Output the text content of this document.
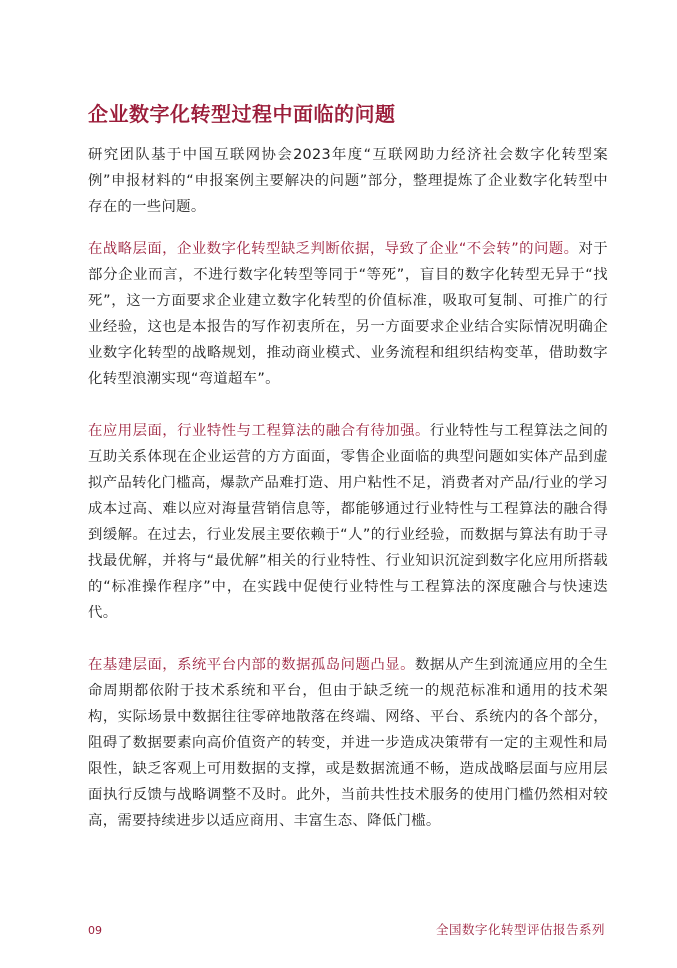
企业数字化转型过程中面临的问题

研究团队基于中国互联网协会2023年度“互联网助力经济社会数字化转型案例”申报材料的“申报案例主要解决的问题”部分，整理提炼了企业数字化转型中存在的一些问题。

在战略层面，企业数字化转型缺乏判断依据，导致了企业“不会转”的问题。对于部分企业而言，不进行数字化转型等同于“等死”，盲目的数字化转型无异于“找死”，这一方面要求企业建立数字化转型的价值标准，吸取可复制、可推广的行业经验，这也是本报告的写作初衷所在，另一方面要求企业结合实际情况明确企业数字化转型的战略规划，推动商业模式、业务流程和组织结构变革，借助数字化转型浪潮实现“弯道超车”。

在应用层面，行业特性与工程算法的融合有待加强。行业特性与工程算法之间的互助关系体现在企业运营的方方面面，零售企业面临的典型问题如实体产品到虚拟产品转化门槛高，爆款产品难打造、用户粘性不足，消费者对产品/行业的学习成本过高、难以应对海量营销信息等，都能够通过行业特性与工程算法的融合得到缓解。在过去，行业发展主要依赖于“人”的行业经验，而数据与算法有助于寻找最优解，并将与“最优解”相关的行业特性、行业知识沉淀到数字化应用所搭载的“标准操作程序”中，在实践中促使行业特性与工程算法的深度融合与快速迭代。

在基建层面，系统平台内部的数据孤岛问题凸显。数据从产生到流通应用的全生命周期都依附于技术系统和平台，但由于缺乏统一的规范标准和通用的技术架构，实际场景中数据往往零碎地散落在终端、网络、平台、系统内的各个部分，阻碍了数据要素向高价值资产的转变，并进一步造成决策带有一定的主观性和局限性，缺乏客观上可用数据的支撑，或是数据流通不畅，造成战略层面与应用层面执行反馈与战略调整不及时。此外，当前共性技术服务的使用门槛仍然相对较高，需要持续进步以适应商用、丰富生态、降低门槛。

09	全国数字化转型评估报告系列
